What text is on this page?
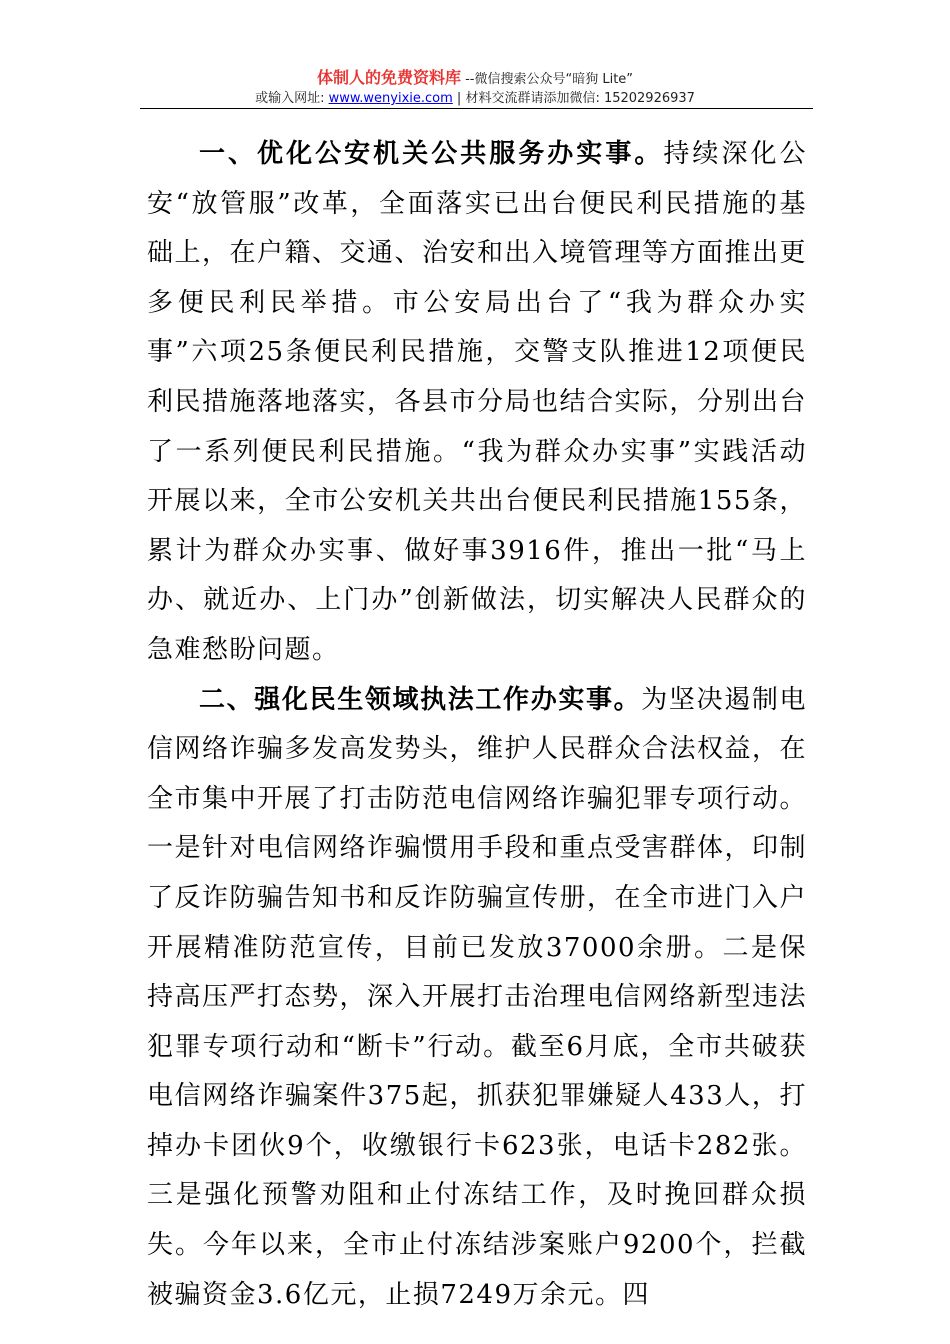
体制人的免费资料库 --微信搜索公众号“暗狗 Lite”
或输入网址: www.wenyixie.com | 材料交流群请添加微信: 15202926937

一、优化公安机关公共服务办实事。持续深化公安“放管服”改革，全面落实已出台便民利民措施的基础上，在户籍、交通、治安和出入境管理等方面推出更多便民利民举措。市公安局出台了“我为群众办实事”六项25条便民利民措施，交警支队推进12项便民利民措施落地落实，各县市分局也结合实际，分别出台了一系列便民利民措施。“我为群众办实事”实践活动开展以来，全市公安机关共出台便民利民措施155条，累计为群众办实事、做好事3916件，推出一批“马上办、就近办、上门办”创新做法，切实解决人民群众的急难愁盼问题。

二、强化民生领域执法工作办实事。为坚决遏制电信网络诈骗多发高发势头，维护人民群众合法权益，在全市集中开展了打击防范电信网络诈骗犯罪专项行动。一是针对电信网络诈骗惯用手段和重点受害群体，印制了反诈防骗告知书和反诈防骗宣传册，在全市进门入户开展精准防范宣传，目前已发放37000余册。二是保持高压严打态势，深入开展打击治理电信网络新型违法犯罪专项行动和“断卡”行动。截至6月底，全市共破获电信网络诈骗案件375起，抓获犯罪嫌疑人433人，打掉办卡团伙9个，收缴银行卡623张，电话卡282张。三是强化预警劝阻和止付冻结工作，及时挽回群众损失。今年以来，全市止付冻结涉案账户9200个，拦截被骗资金3.6亿元，止损7249万余元。四
